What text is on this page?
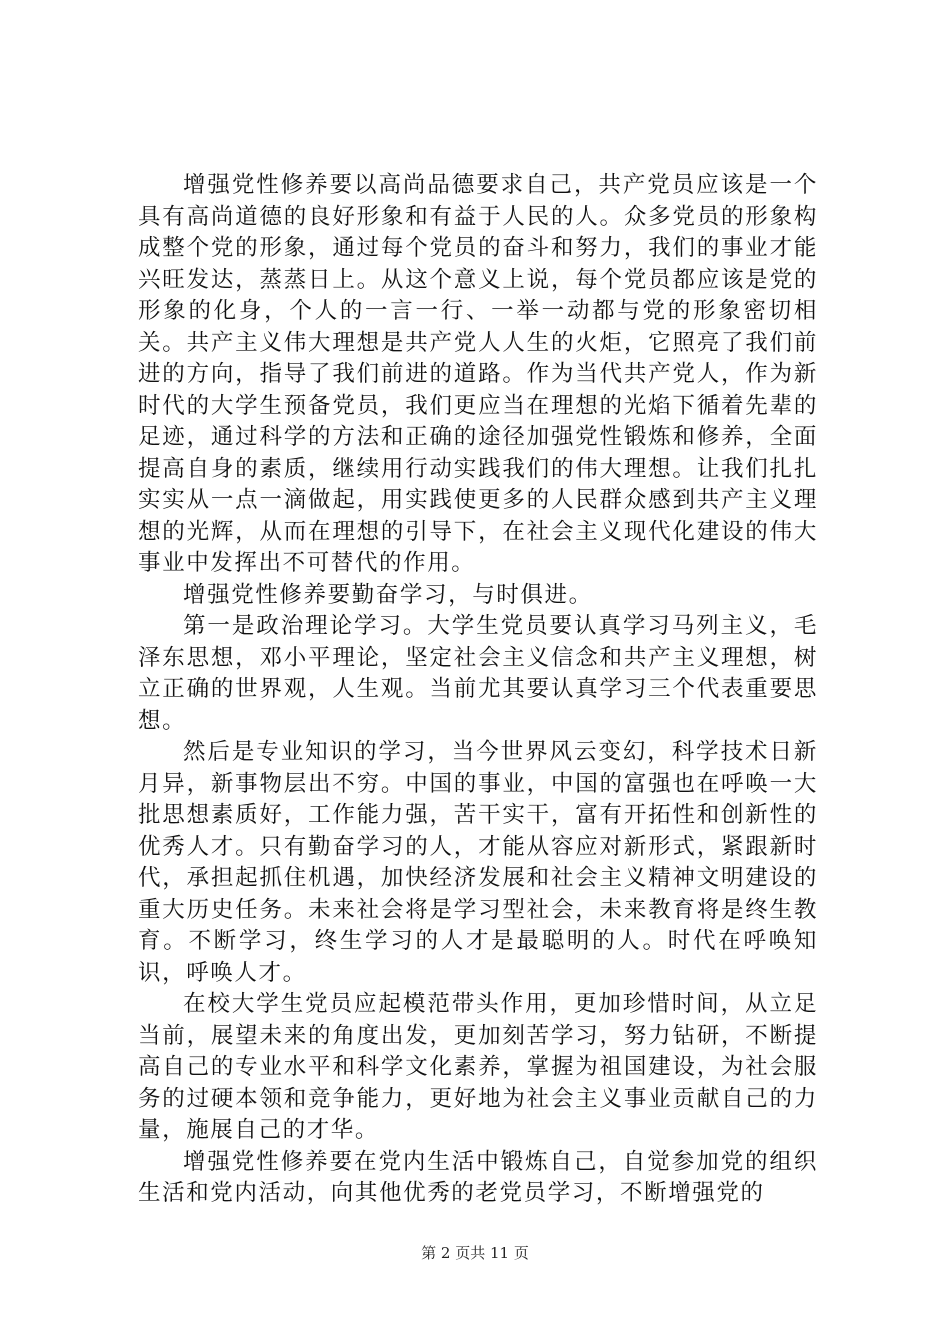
增强党性修养要以高尚品德要求自己，共产党员应该是一个具有高尚道德的良好形象和有益于人民的人。众多党员的形象构成整个党的形象，通过每个党员的奋斗和努力，我们的事业才能兴旺发达，蒸蒸日上。从这个意义上说，每个党员都应该是党的形象的化身，个人的一言一行、一举一动都与党的形象密切相关。共产主义伟大理想是共产党人人生的火炬，它照亮了我们前进的方向，指导了我们前进的道路。作为当代共产党人，作为新时代的大学生预备党员，我们更应当在理想的光焰下循着先辈的足迹，通过科学的方法和正确的途径加强党性锻炼和修养，全面提高自身的素质，继续用行动实践我们的伟大理想。让我们扎扎实实从一点一滴做起，用实践使更多的人民群众感到共产主义理想的光辉，从而在理想的引导下，在社会主义现代化建设的伟大事业中发挥出不可替代的作用。

增强党性修养要勤奋学习，与时俱进。

第一是政治理论学习。大学生党员要认真学习马列主义，毛泽东思想，邓小平理论，坚定社会主义信念和共产主义理想，树立正确的世界观，人生观。当前尤其要认真学习三个代表重要思想。

然后是专业知识的学习，当今世界风云变幻，科学技术日新月异，新事物层出不穷。中国的事业，中国的富强也在呼唤一大批思想素质好，工作能力强，苦干实干，富有开拓性和创新性的优秀人才。只有勤奋学习的人，才能从容应对新形式，紧跟新时代，承担起抓住机遇，加快经济发展和社会主义精神文明建设的重大历史任务。未来社会将是学习型社会，未来教育将是终生教育。不断学习，终生学习的人才是最聪明的人。时代在呼唤知识，呼唤人才。

在校大学生党员应起模范带头作用，更加珍惜时间，从立足当前，展望未来的角度出发，更加刻苦学习，努力钻研，不断提高自己的专业水平和科学文化素养，掌握为祖国建设，为社会服务的过硬本领和竞争能力，更好地为社会主义事业贡献自己的力量，施展自己的才华。

增强党性修养要在党内生活中锻炼自己，自觉参加党的组织生活和党内活动，向其他优秀的老党员学习，不断增强党的

第 2 页共 11 页
